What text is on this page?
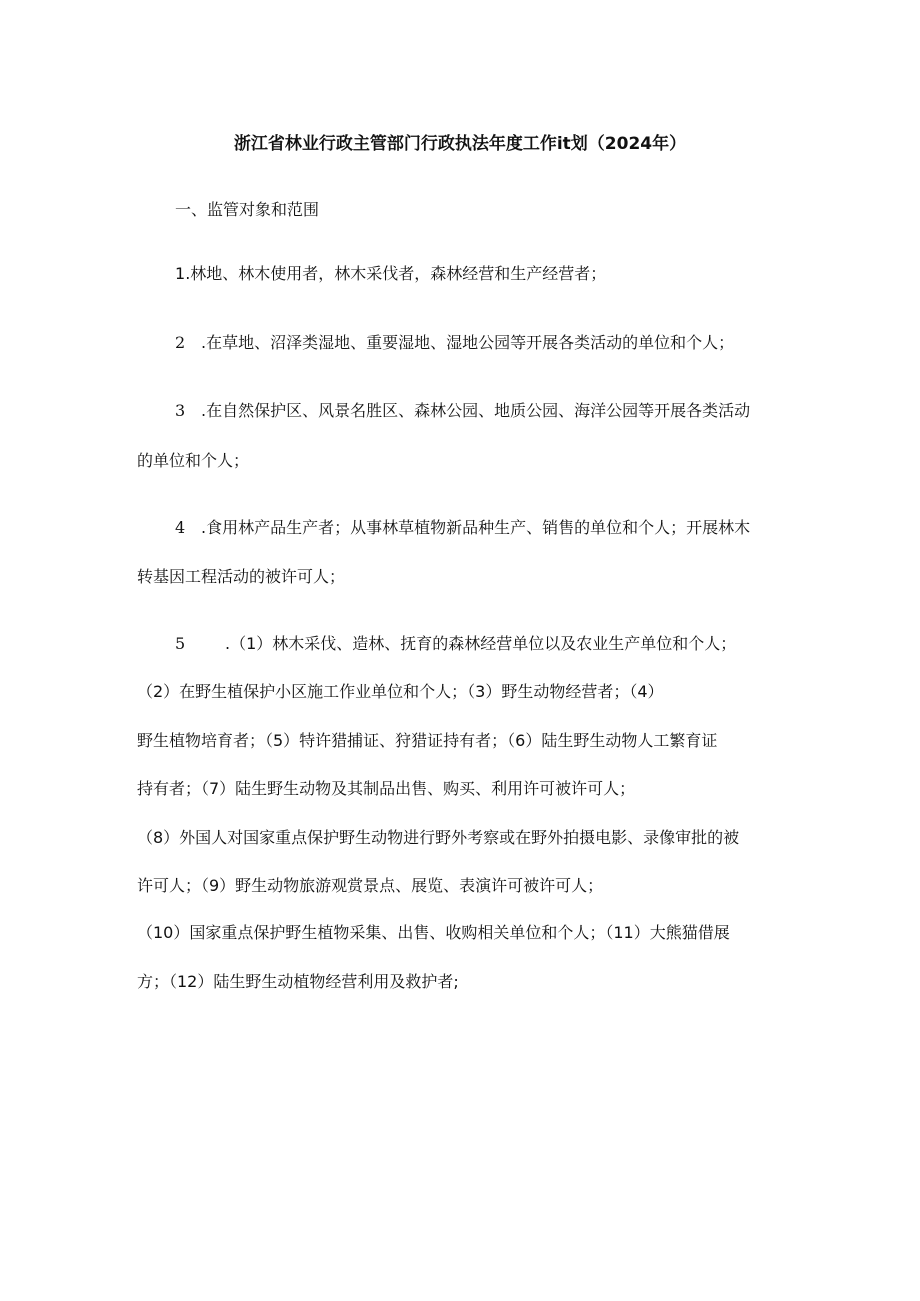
浙江省林业行政主管部门行政执法年度工作it划（2024年）
一、监管对象和范围
1.林地、林木使用者，林木采伐者，森林经营和生产经营者；
2 .在草地、沼泽类湿地、重要湿地、湿地公园等开展各类活动的单位和个人；
3 .在自然保护区、风景名胜区、森林公园、地质公园、海洋公园等开展各类活动
的单位和个人；
4 .食用林产品生产者；从事林草植物新品种生产、销售的单位和个人；开展林木
转基因工程活动的被许可人；
5 .（1）林木采伐、造林、抚育的森林经营单位以及农业生产单位和个人；
（2）在野生植保护小区施工作业单位和个人；（3）野生动物经营者；（4）
野生植物培育者；（5）特许猎捕证、狩猎证持有者；（6）陆生野生动物人工繁育证
持有者；（7）陆生野生动物及其制品出售、购买、利用许可被许可人；
（8）外国人对国家重点保护野生动物进行野外考察或在野外拍摄电影、录像审批的被
许可人；（9）野生动物旅游观赏景点、展览、表演许可被许可人；
（10）国家重点保护野生植物采集、出售、收购相关单位和个人；（11）大熊猫借展
方；（12）陆生野生动植物经营利用及救护者;
